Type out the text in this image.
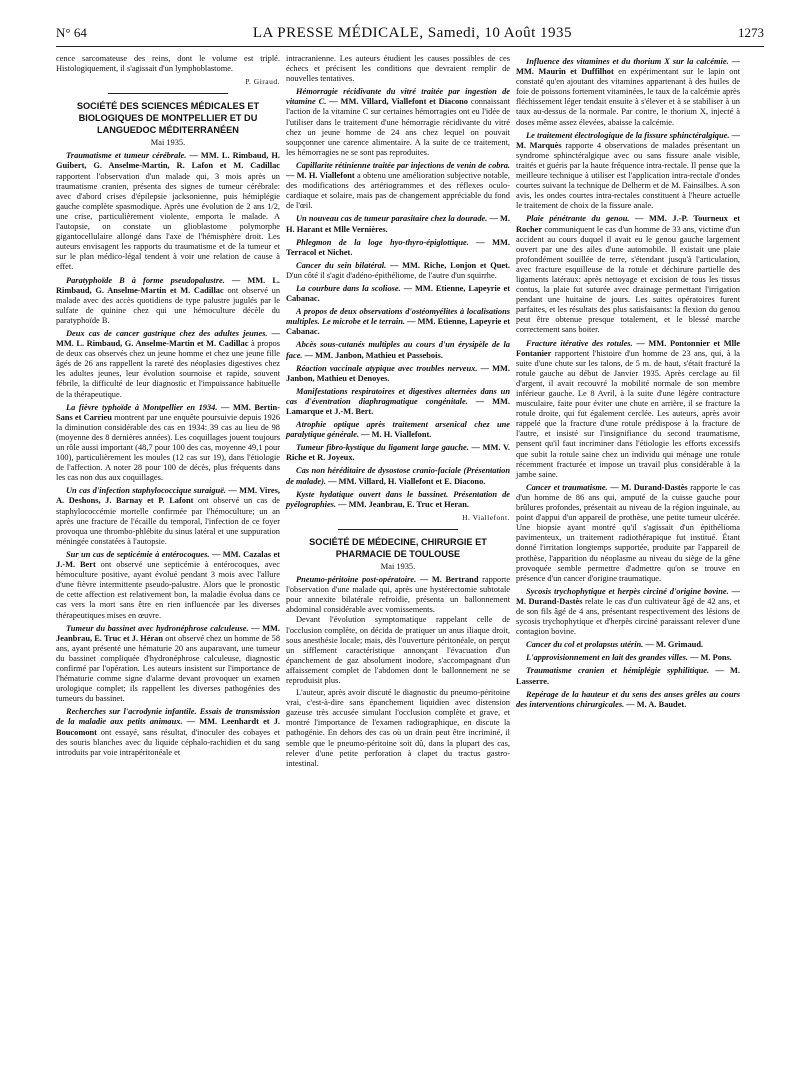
N° 64	LA PRESSE MÉDICALE, Samedi, 10 Août 1935	1273

cence sarcomateuse des reins, dont le volume est triplé. Histologiquement, il s'agissait d'un lymphoblastome.

P. Giraud.
SOCIÉTÉ DES SCIENCES MÉDICALES ET BIOLOGIQUES DE MONTPELLIER ET DU LANGUEDOC MÉDITERRANÉEN
Mai 1935.

Traumatisme et tumeur cérébrale. — MM. L. Rimbaud, H. Guibert, G. Anselme-Martin, R. Lafon et M. Cadillac rapportent l'observation d'un malade qui, 3 mois après un traumatisme cranien, présenta des signes de tumeur cérébrale: avec d'abord crises d'épilepsie jacksonienne, puis hémiplégie gauche complète spasmodique. Après une évolution de 2 ans 1/2, une crise, particulièrement violente, emporta le malade. A l'autopsie, on constate un glioblastome polymorphe gigantocellulaire allongé dans l'axe de l'hémisphère droit. Les auteurs envisagent les rapports du traumatisme et de la tumeur et sur le plan médico-légal tendent à voir une relation de cause à effet.

Paratyphoïde B à forme pseudopalustre. — MM. L. Rimbaud, G. Anselme-Martin et M. Cadillac ont observé un malade avec des accès quotidiens de type palustre jugulés par le sulfate de quinine chez qui une hémoculture décèle du paratyphoïde B.

Deux cas de cancer gastrique chez des adultes jeunes. — MM. L. Rimbaud, G. Anselme-Martin et M. Cadillac à propos de deux cas observés chez un jeune homme et chez une jeune fille âgés de 26 ans rappellent la rareté des néoplasies digestives chez les adultes jeunes, leur évolution sournoise et rapide, souvent fébrile, la difficulté de leur diagnostic et l'impuissance habituelle de la thérapeutique.

La fièvre typhoïde à Montpellier en 1934. — MM. Bertin-Sans et Carrieu montrent par une enquête poursuivie depuis 1926 la diminution considérable des cas en 1934: 39 cas au lieu de 98 (moyenne des 8 dernières années). Les coquillages jouent toujours un rôle aussi important (48,7 pour 100 des cas, moyenne 49,1 pour 100), particulièrement les moules (12 cas sur 19), dans l'étiologie de l'affection. A noter 28 pour 100 de décès, plus fréquents dans les cas non dus aux coquillages.

Un cas d'infection staphylococcique suraiguë. — MM. Vires, A. Deshons, J. Barnay et P. Lafont ont observé un cas de staphylococcémie mortelle confirmée par l'hémoculture; un an après une fracture de l'écaille du temporal, l'infection de ce foyer provoqua une thrombo-phlébite du sinus latéral et une suppuration méningée constatées à l'autopsie.

Sur un cas de septicémie à entérocoques. — MM. Cazalas et J.-M. Bert ont observé une septicémie à entérocoques, avec hémoculture positive, ayant évolué pendant 3 mois avec l'allure d'une fièvre intermittente pseudo-palustre. Alors que le pronostic de cette affection est relativement bon, la maladie évolua dans ce cas vers la mort sans être en rien influencée par les diverses thérapeutiques mises en œuvre.

Tumeur du bassinet avec hydronéphrose calculeuse. — MM. Jeanbrau, E. Truc et J. Héran ont observé chez un homme de 58 ans, ayant présenté une hématurie 20 ans auparavant, une tumeur du bassinet compliquée d'hydronéphrose calculeuse, diagnostic confirmé par l'opération. Les auteurs insistent sur l'importance de l'hématurie comme signe d'alarme devant provoquer un examen urologique complet; ils rappellent les diverses pathogénies des tumeurs du bassinet.

Recherches sur l'acrodynie infantile. Essais de transmission de la maladie aux petits animaux. — MM. Leenhardt et J. Boucomont ont essayé, sans résultat, d'inoculer des cobayes et des souris blanches avec du liquide céphalo-rachidien et du sang introduits par voie intrapéritonéale et

intracranienne. Les auteurs étudient les causes possibles de ces échecs et précisent les conditions que devraient remplir de nouvelles tentatives.

Hémorragie récidivante du vitré traitée par ingestion de vitamine C. — MM. Villard, Viallefont et Diacono connaissant l'action de la vitamine C sur certaines hémorragies ont eu l'idée de l'utiliser dans le traitement d'une hémorragie récidivante du vitré chez un jeune homme de 24 ans chez lequel on pouvait soupçonner une carence alimentaire. A la suite de ce traitement, les hémorragies ne se sont pas reproduites.

Capillarite rétinienne traitée par injections de venin de cobra. — M. H. Viallefont a obtenu une amélioration subjective notable, des modifications des artériogrammes et des réflexes oculo-cardiaque et solaire, mais pas de changement appréciable du fond de l'œil.

Un nouveau cas de tumeur parasitaire chez la dourade. — M. H. Harant et Mlle Vernières.

Phlegmon de la loge hyo-thyro-épiglottique. — MM. Terracol et Nichet.

Cancer du sein bilatéral. — MM. Riche, Lonjon et Quet. D'un côté il s'agit d'adéno-épithéliome, de l'autre d'un squirrhe.

La courbure dans la scoliose. — MM. Etienne, Lapeyrie et Cabanac.

A propos de deux observations d'ostéomyélites à localisations multiples. Le microbe et le terrain. — MM. Etienne, Lapeyrie et Cabanac.

Abcès sous-cutanés multiples au cours d'un érysipèle de la face. — MM. Janbon, Mathieu et Passebois.

Réaction vaccinale atypique avec troubles nerveux. — MM. Janbon, Mathieu et Denoyes.

Manifestations respiratoires et digestives alternées dans un cas d'éventration diaphragmatique congénitale. — MM. Lamarque et J.-M. Bert.

Atrophie optique après traitement arsenical chez une paralytique générale. — M. H. Viallefont.

Tumeur fibro-kystique du ligament large gauche. — MM. V. Riche et R. Joyeux.

Cas non héréditaire de dysostose cranio-faciale (Présentation de malade). — MM. Villard, H. Viallefont et E. Diacono.

Kyste hydatique ouvert dans le bassinet. Présentation de pyélographies. — MM. Jeanbrau, E. Truc et Heran.

H. Viallefont.
SOCIÉTÉ DE MÉDECINE, CHIRURGIE ET PHARMACIE DE TOULOUSE
Mai 1935.

Pneumo-péritoine post-opératoire. — M. Bertrand rapporte l'observation d'une malade qui, après une hystérectomie subtotale pour annexite bilatérale refroidie, présenta un ballonnement abdominal considérable avec vomissements.

Devant l'évolution symptomatique rappelant celle de l'occlusion complète, on décida de pratiquer un anus iliaque droit, sous anesthésie locale; mais, dès l'ouverture péritonéale, on perçut un sifflement caractéristique annonçant l'évacuation d'un épanchement de gaz absolument inodore, s'accompagnant d'un affaissement complet de l'abdomen dont le ballonnement ne se reproduisit plus.

L'auteur, après avoir discuté le diagnostic du pneumo-péritoine vrai, c'est-à-dire sans épanchement liquidien avec distension gazeuse très accusée simulant l'occlusion complète et grave, et montré l'importance de l'examen radiographique, en discute la pathogénie. En dehors des cas où un drain peut être incriminé, il semble que le pneumo-péritoine soit dû, dans la plupart des cas, relever d'une petite perforation à clapet du tractus gastro-intestinal.

Influence des vitamines et du thorium X sur la calcémie. — MM. Maurin et Duffilhot en expérimentant sur le lapin ont constaté qu'en ajoutant des vitamines appartenant à des huiles de foie de poissons fortement vitaminées, le taux de la calcémie après fléchissement léger tendait ensuite à s'élever et à se stabiliser à un taux au-dessus de la normale. Par contre, le thorium X, injecté à doses même assez élevées, abaisse la calcémie.

Le traitement électrologique de la fissure sphinctéralgique. — M. Marquès rapporte 4 observations de malades présentant un syndrome sphinctéralgique avec ou sans fissure anale visible, traités et guéris par la haute fréquence intra-rectale. Il pense que la meilleure technique à utiliser est l'application intra-rectale d'ondes courtes suivant la technique de Delherm et de M. Fainsilbes. A son avis, les ondes courtes intra-rectales constituent à l'heure actuelle le traitement de choix de la fissure anale.

Plaie pénétrante du genou. — MM. J.-P. Tourneux et Rocher communiquent le cas d'un homme de 33 ans, victime d'un accident au cours duquel il avait eu le genou gauche largement ouvert par une des ailes d'une automobile. Il existait une plaie profondément souillée de terre, s'étendant jusqu'à l'articulation, avec fracture esquilleuse de la rotule et déchirure partielle des ligaments latéraux: après nettoyage et excision de tous les tissus contus, la plaie fut suturée avec drainage permettant l'irrigation pendant une huitaine de jours. Les suites opératoires furent parfaites, et les résultats des plus satisfaisants: la flexion du genou peut être obtenue presque totalement, et le blessé marche correctement sans boiter.

Fracture itérative des rotules. — MM. Pontonnier et Mlle Fontanier rapportent l'histoire d'un homme de 23 ans, qui, à la suite d'une chute sur les talons, de 5 m. de haut, s'était fracturé la rotule gauche au début de Janvier 1935. Après cerclage au fil d'argent, il avait recouvré la mobilité normale de son membre inférieur gauche. Le 8 Avril, à la suite d'une légère contracture musculaire, faite pour éviter une chute en arrière, il se fracture la rotule droite, qui fut également cerclée. Les auteurs, après avoir rappelé que la fracture d'une rotule prédispose à la fracture de l'autre, et insisté sur l'insignifiance du second traumatisme, pensent qu'il faut incriminer dans l'étiologie les efforts excessifs que subit la rotule saine chez un individu qui ménage une rotule récemment fracturée et impose un travail plus considérable à la jambe saine.

Cancer et traumatisme. — M. Durand-Dastès rapporte le cas d'un homme de 86 ans qui, amputé de la cuisse gauche pour brûlures profondes, présentait au niveau de la région inguinale, au point d'appui d'un appareil de prothèse, une petite tumeur ulcérée. Une biopsie ayant montré qu'il s'agissait d'un épithélioma pavimenteux, un traitement radiothérapique fut institué. Étant donné l'irritation longtemps supportée, produite par l'appareil de prothèse, l'apparition du néoplasme au niveau du siège de la gêne provoquée semble permettre d'admettre qu'on se trouve en présence d'un cancer d'origine traumatique.

Sycosis trychophytique et herpès circiné d'origine bovine. — M. Durand-Dastès relate le cas d'un cultivateur âgé de 42 ans, et de son fils âgé de 4 ans, présentant respectivement des lésions de sycosis trychophytique et d'herpès circiné paraissant relever d'une contagion bovine.

Cancer du col et prolapsus utérin. — M. Grimaud.

L'approvisionnement en lait des grandes villes. — M. Pons.

Traumatisme cranien et hémiplégie syphilitique. — M. Lasserre.

Repérage de la hauteur et du sens des anses grêles au cours des interventions chirurgicales. — M. A. Baudet.
